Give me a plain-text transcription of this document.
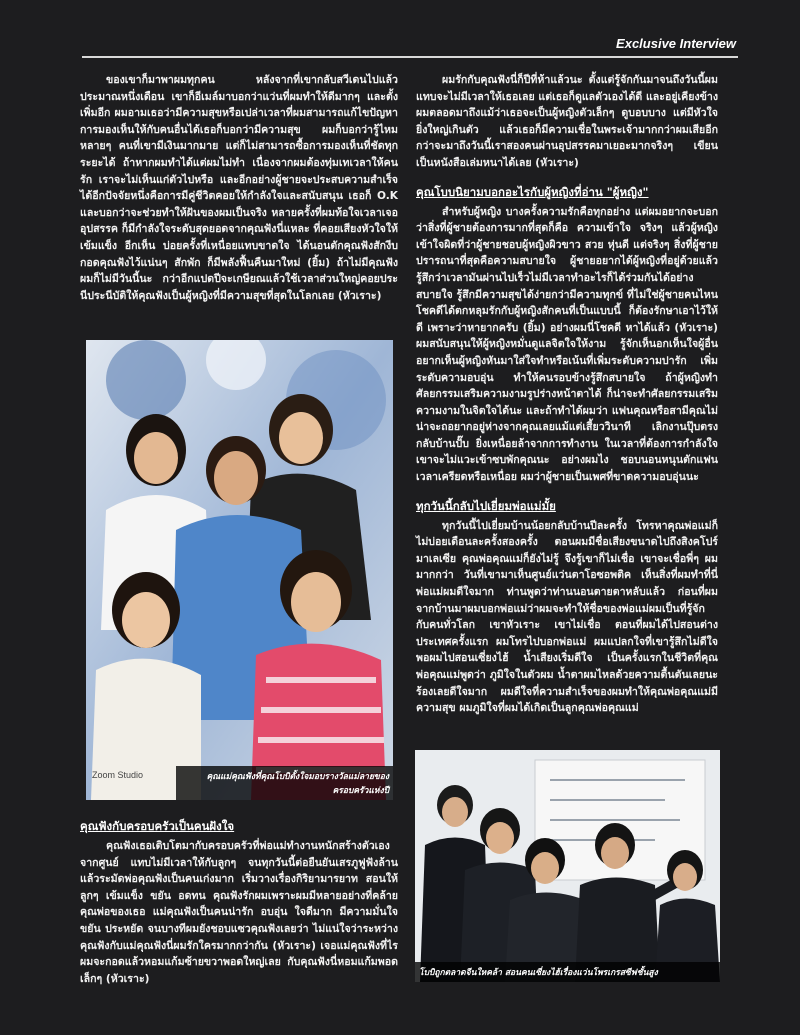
Exclusive Interview

ของเขาก็มาพาผมทุกคน หลังจากที่เขากลับสวีเดนไปแล้วประมาณหนึ่งเดือน เขาก็อีเมล์มาบอกว่าแว่นที่ผมทำให้ดีมากๆ และตั้งเพิ่มอีก ผมอามเธอว่ามีความสุขหรือเปล่าเวลาที่ผมสามารถแก้ไขปัญหาการมองเห็นให้กับคนอื่นได้เธอก็บอกว่ามีความสุข ผมก็บอกว่ารู้ไหมหลายๆ คนที่เขามีเงินมากมาย แต่ก็ไม่สามารถซื้อการมองเห็นที่ชัดทุกระยะได้ ถ้าหากผมทำได้แต่ผมไม่ทำ เนื่องจากผมต้องทุ่มเทเวลาให้คนรัก เราจะไม่เห็นแก่ตัวไปหรือ และอีกอย่างผู้ชายจะประสบความสำเร็จได้อีกปัจจัยหนึ่งคือการมีคู่ชีวิตคอยให้กำลังใจและสนับสนุน เธอก็ O.K และบอกว่าจะช่วยทำให้ฝันของผมเป็นจริง หลายครั้งที่ผมท้อใจเวลาเจออุปสรรค ก็มีกำลังใจระดับสุดยอดจากคุณฟังนี่แหละ ที่คอยเสียงหัวใจให้เข้มแข็ง อีกเห็น บ่อยครั้งที่เหนื่อยแทบขาดใจ ได้นอนตักคุณฟังสักงีบ กอดคุณฟังไว้แน่นๆ สักพัก ก็มีพลังฟื้นคืนมาใหม่ (ยิ้ม) ถ้าไม่มีคุณฟังผมก็ไม่มีวันนี้นะ กว่าอีกแปดปีจะเกษียณแล้วใช้เวลาส่วนใหญ่คอยประนีประนีบัติให้คุณฟังเป็นผู้หญิงที่มีความสุขที่สุดในโลกเลย (หัวเราะ)

Zoom Studio	คุณแม่คุณฟังที่คุณโบบิตั้งใจมอบรางวัลแม่ลายของครอบครัวแห่งปี
คุณฟังกับครอบครัวเป็นคนฝังใจ

คุณฟังเธอเติบโตมากับครอบครัวที่พ่อแม่ทำงานหนักสร้างตัวเองจากศูนย์ แทบไม่มีเวลาให้กับลูกๆ จนทุกวันนี้ต่อยืนยันเสรภูฟูฟังล้านแล้วระมัดพ่อคุณฟังเป็นคนเก่งมาก เริ่มวางเรื่องกิริยามารยาท สอนให้ลูกๆ เข้มแข็ง ขยัน อดทน คุณฟังรักผมเพราะผมมีหลายอย่างที่คล้ายคุณพ่อของเธอ แม่คุณฟังเป็นคนน่ารัก อบอุ่น ใจดีมาก มีความมั่นใจ ขยัน ประหยัด จนบางทีผมยังชอบแซวคุณฟังเลยว่า ไม่แน่ใจว่าระหว่างคุณฟังกับแม่คุณฟังนี่ผมรักใครมากกว่ากัน (หัวเราะ) เจอแม่คุณฟังที่ไร ผมจะกอดแล้วหอมแก้มซ้ายขวาพอดใหญ่เลย กับคุณฟังนี่หอมแก้มพอดเล็กๆ (หัวเราะ)

ผมรักกับคุณฟังนี่ก็ปีที่ห้าแล้วนะ ตั้งแต่รู้จักกันมาจนถึงวันนี้ผมแทบจะไม่มีเวลาให้เธอเลย แต่เธอก็ดูแลตัวเองได้ดี และอยู่เคียงข้างผมตลอดมาถึงแม้ว่าเธอจะเป็นผู้หญิงตัวเล็กๆ ดูบอบบาง แต่มีหัวใจยิ่งใหญ่เกินตัว แล้วเธอก็มีความเชื่อในพระเจ้ามากกว่าผมเสียอีก กว่าจะมาถึงวันนี้เราสองคนผ่านอุปสรรคมาเยอะมากจริงๆ เขียนเป็นหนังสือเล่มหนาได้เลย (หัวเราะ)

คุณโบบนิยามบอกอะไรกับผู้หญิงที่อ่าน "ผู้หญิง"

สำหรับผู้หญิง บางครั้งความรักคือทุกอย่าง แต่ผมอยากจะบอกว่าสิ่งที่ผู้ชายต้องการมากที่สุดก็คือ ความเข้าใจ จริงๆ แล้วผู้หญิงเข้าใจผิดที่ว่าผู้ชายชอบผู้หญิงผิวขาว สวย หุ่นดี แต่จริงๆ สิ่งที่ผู้ชายปรารถนาที่สุดคือความสบายใจ ผู้ชายอยากได้ผู้หญิงที่อยู่ด้วยแล้วรู้สึกว่าเวลามันผ่านไปเร็วไม่มีเวลาทำอะไรก็ได้ร่วมกันได้อย่างสบายใจ รู้สึกมีความสุขได้ง่ายกว่ามีความทุกข์ ที่ไม่ใช่ผู้ชายคนไหนโชคดีได้ตกหลุมรักกับผู้หญิงสักคนที่เป็นแบบนี้ ก็ต้องรักษาเอาไว้ให้ดี เพราะว่าหายากครับ (ยิ้ม) อย่างผมนี่โชคดี หาได้แล้ว (หัวเราะ) ผมสนับสนุนให้ผู้หญิงหมั่นดูแลจิตใจให้งาม รู้จักเห็นอกเห็นใจผู้อื่น อยากเห็นผู้หญิงหันมาใส่ใจทำหรือเน้นที่เพิ่มระดับความปารัก เพิ่มระดับความอบอุ่น ทำให้คนรอบข้างรู้สึกสบายใจ ถ้าผู้หญิงทำศัลยกรรมเสริมความงามรูปร่างหน้าตาได้ ก็น่าจะทำศัลยกรรมเสริมความงามในจิตใจได้นะ และถ้าทำได้ผมว่า แฟนคุณหรือสามีคุณไม่น่าจะถอยากอยู่ห่างจากคุณเลยแม้แต่เสี้ยววินาที เลิกงานปุ๊บตรงกลับบ้านปั๊บ ยิ่งเหนื่อยล้าจากการทำงาน ในเวลาที่ต้องการกำลังใจ เขาจะไม่แวะเข้าซบพักคุณนะ อย่างผมไง ชอบนอนหนุนตักแฟนเวลาเครียดหรือเหนื่อย ผมว่าผู้ชายเป็นเพศที่ขาดความอบอุ่นนะ

ทุกวันนี้กลับไปเยี่ยมพ่อแม่มั้ย

ทุกวันนี้ไปเยี่ยมบ้านน้อยกลับบ้านปีละครั้ง โทรหาคุณพ่อแม่ก็ไม่บ่อยเดือนละครั้งสองครั้ง ตอนผมมีชื่อเสียงขนาดไปถึงสิงคโปร์ มาเลเซีย คุณพ่อคุณแม่ก็ยังไม่รู้ จึงรู้เขาก็ไม่เชื่อ เขาจะเชื่อพี่ๆ ผมมากกว่า วันที่เขามาเห็นศูนย์แว่นตาโอซอพติค เห็นสิ่งที่ผมทำที่นี่ พ่อแม่ผมดีใจมาก ท่านพูดว่าท่านนอนตายตาหลับแล้ว ก่อนที่ผมจากบ้านมาผมบอกพ่อแม่ว่าผมจะทำให้ชื่อของพ่อแม่ผมเป็นที่รู้จักกับคนทั่วโลก เขาหัวเราะ เขาไม่เชื่อ ตอนที่ผมได้ไปสอนต่างประเทศครั้งแรก ผมโทรไปบอกพ่อแม่ ผมแปลกใจที่เขารู้สึกไม่ดีใจ พอผมไปสอนเซี่ยงไฮ้ น้ำเสียงเริ่มดีใจ เป็นครั้งแรกในชีวิตที่คุณพ่อคุณแม่พูดว่า ภูมิใจในตัวผม น้ำตาผมไหลด้วยความตื้นตันเลยนะ ร้องเลยดีใจมาก ผมดีใจที่ความสำเร็จของผมทำให้คุณพ่อคุณแม่มีความสุข ผมภูมิใจที่ผมได้เกิดเป็นลูกคุณพ่อคุณแม่

โบบิถูกตลาดจีนใหคล้า สอนคนเซี่ยงไฮ้เรื่องแว่นโพรเกรสซีฟชั้นสูง
